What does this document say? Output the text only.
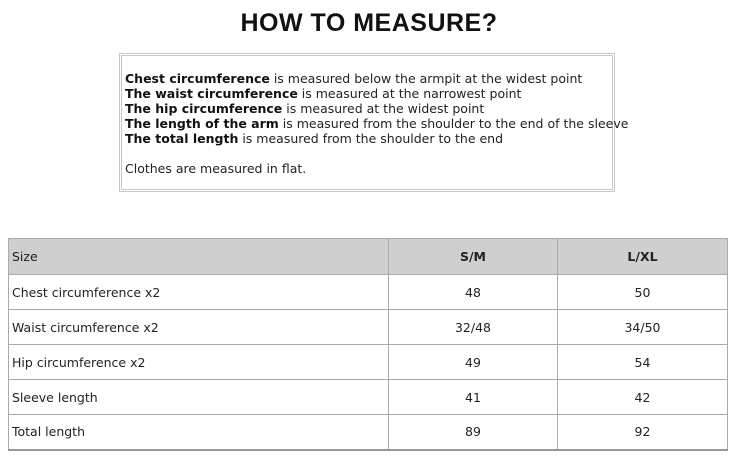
HOW TO MEASURE?
Chest circumference is measured below the armpit at the widest point
The waist circumference is measured at the narrowest point
The hip circumference is measured at the widest point
The length of the arm is measured from the shoulder to the end of the sleeve
The total length is measured from the shoulder to the end
Clothes are measured in flat.
Size	S/M	L/XL
Chest circumference x2	48	50
Waist circumference x2	32/48	34/50
Hip circumference x2	49	54
Sleeve length	41	42
Total length	89	92
